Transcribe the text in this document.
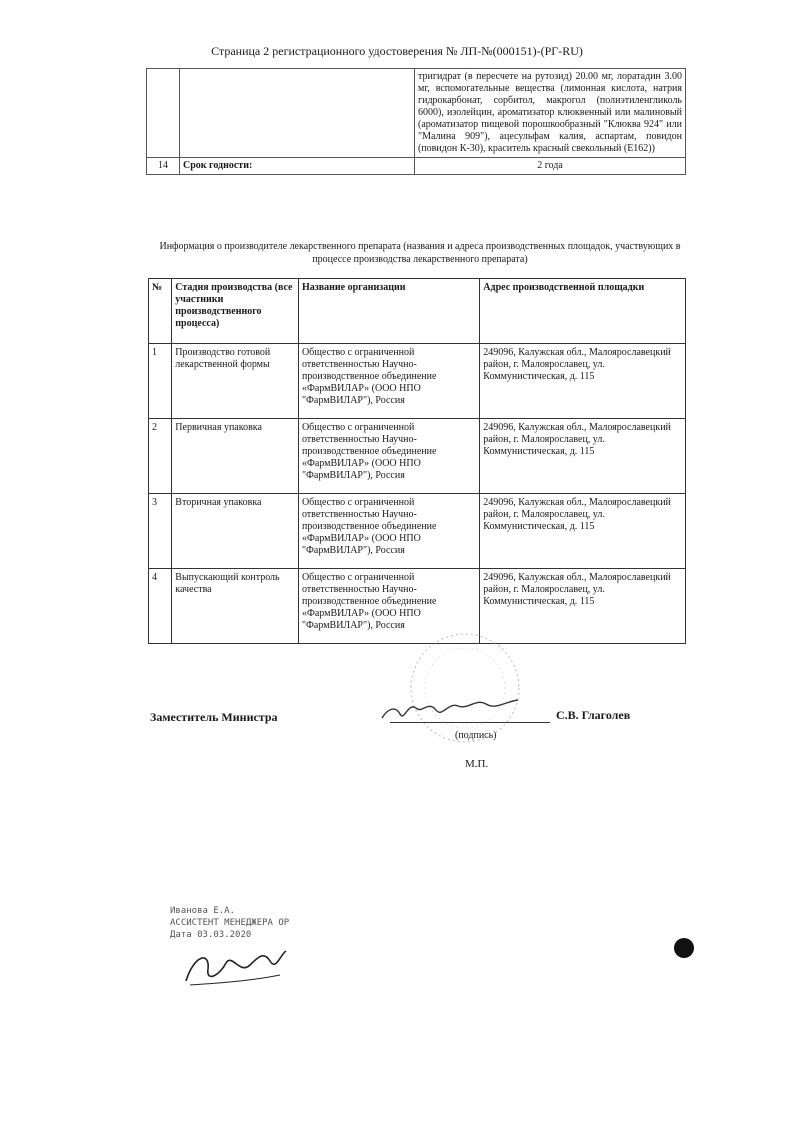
Страница 2 регистрационного удостоверения № ЛП-№(000151)-(РГ-RU)
		тригидрат (в пересчете на рутозид) 20.00 мг, лоратадин 3.00 мг, вспомогательные вещества (лимонная кислота, натрия гидрокарбонат, сорбитол, макрогол (полиэтиленгликоль 6000), изолейцин, ароматизатор клюквенный или малиновый (ароматизатор пищевой порошкообразный "Клюква 924" или "Малина 909"), ацесульфам калия, аспартам, повидон (повидон К-30), краситель красный свекольный (Е162))
14	Срок годности:	2 года
Информация о производителе лекарственного препарата (названия и адреса производственных площадок, участвующих в процессе производства лекарственного препарата)
№	Стадия производства (все участники производственного процесса)	Название организации	Адрес производственной площадки
1	Производство готовой лекарственной формы	Общество с ограниченной ответственностью Научно-производственное объединение «ФармВИЛАР» (ООО НПО "ФармВИЛАР"), Россия	249096, Калужская обл., Малоярославецкий район, г. Малоярославец, ул. Коммунистическая, д. 115
2	Первичная упаковка	Общество с ограниченной ответственностью Научно-производственное объединение «ФармВИЛАР» (ООО НПО "ФармВИЛАР"), Россия	249096, Калужская обл., Малоярославецкий район, г. Малоярославец, ул. Коммунистическая, д. 115
3	Вторичная упаковка	Общество с ограниченной ответственностью Научно-производственное объединение «ФармВИЛАР» (ООО НПО "ФармВИЛАР"), Россия	249096, Калужская обл., Малоярославецкий район, г. Малоярославец, ул. Коммунистическая, д. 115
4	Выпускающий контроль качества	Общество с ограниченной ответственностью Научно-производственное объединение «ФармВИЛАР» (ООО НПО "ФармВИЛАР"), Россия	249096, Калужская обл., Малоярославецкий район, г. Малоярославец, ул. Коммунистическая, д. 115
Заместитель Министра	С.В. Глаголев
(подпись)
М.П.
Иванова Е.А.
АССИСТЕНТ МЕНЕДЖЕРА ОР
Дата 03.03.2020
